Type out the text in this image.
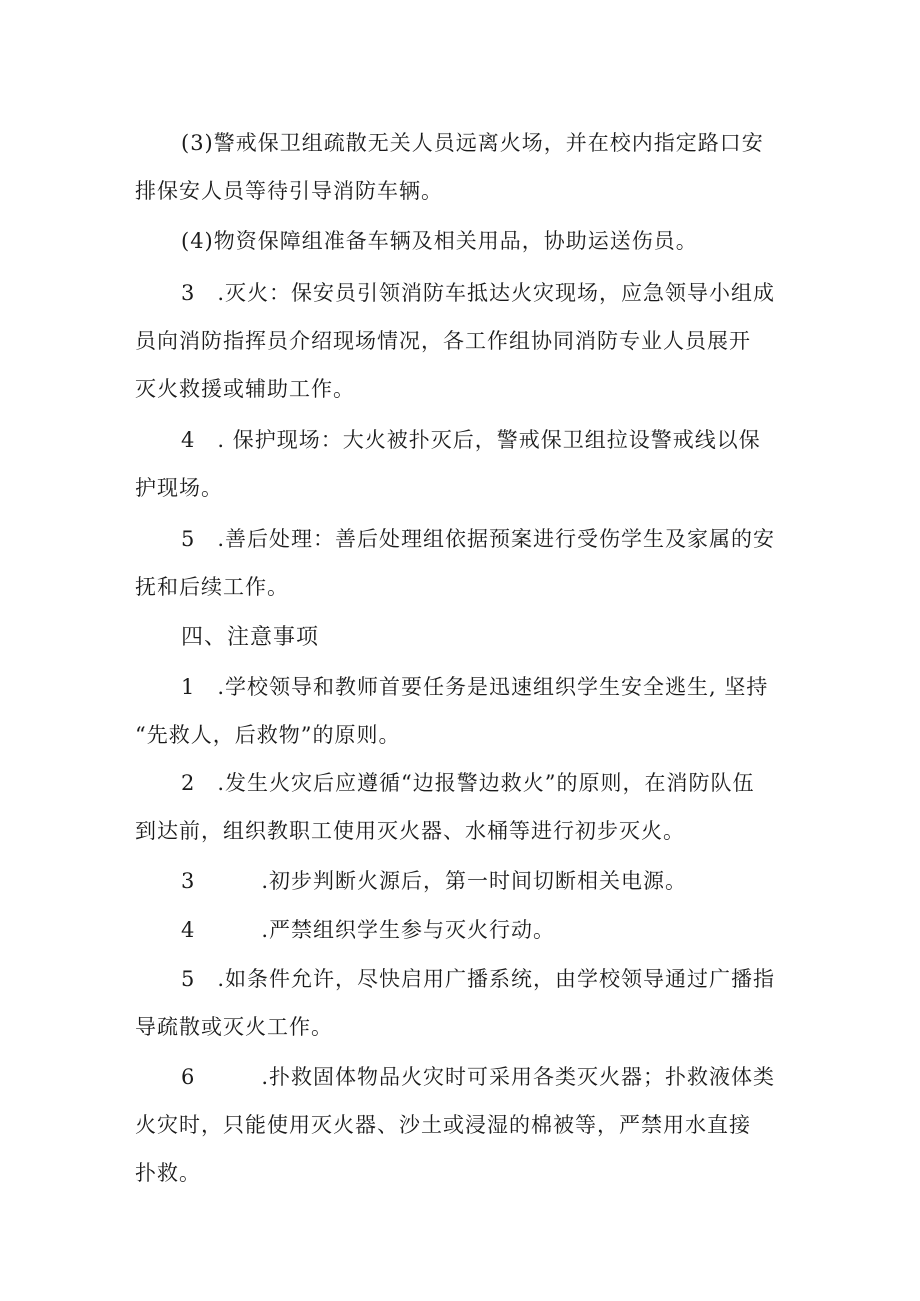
(3)警戒保卫组疏散无关人员远离火场，并在校内指定路口安
排保安人员等待引导消防车辆。
(4)物资保障组准备车辆及相关用品，协助运送伤员。
3　.灭火：保安员引领消防车抵达火灾现场，应急领导小组成
员向消防指挥员介绍现场情况，各工作组协同消防专业人员展开
灭火救援或辅助工作。
4　. 保护现场：大火被扑灭后，警戒保卫组拉设警戒线以保
护现场。
5　.善后处理：善后处理组依据预案进行受伤学生及家属的安
抚和后续工作。
四、注意事项
1　.学校领导和教师首要任务是迅速组织学生安全逃生, 坚持
“先救人，后救物”的原则。
2　.发生火灾后应遵循“边报警边救火”的原则，在消防队伍
到达前，组织教职工使用灭火器、水桶等进行初步灭火。
3　　　.初步判断火源后，第一时间切断相关电源。
4　　　.严禁组织学生参与灭火行动。
5　.如条件允许，尽快启用广播系统，由学校领导通过广播指
导疏散或灭火工作。
6　　　.扑救固体物品火灾时可采用各类灭火器；扑救液体类
火灾时，只能使用灭火器、沙土或浸湿的棉被等，严禁用水直接
扑救。
